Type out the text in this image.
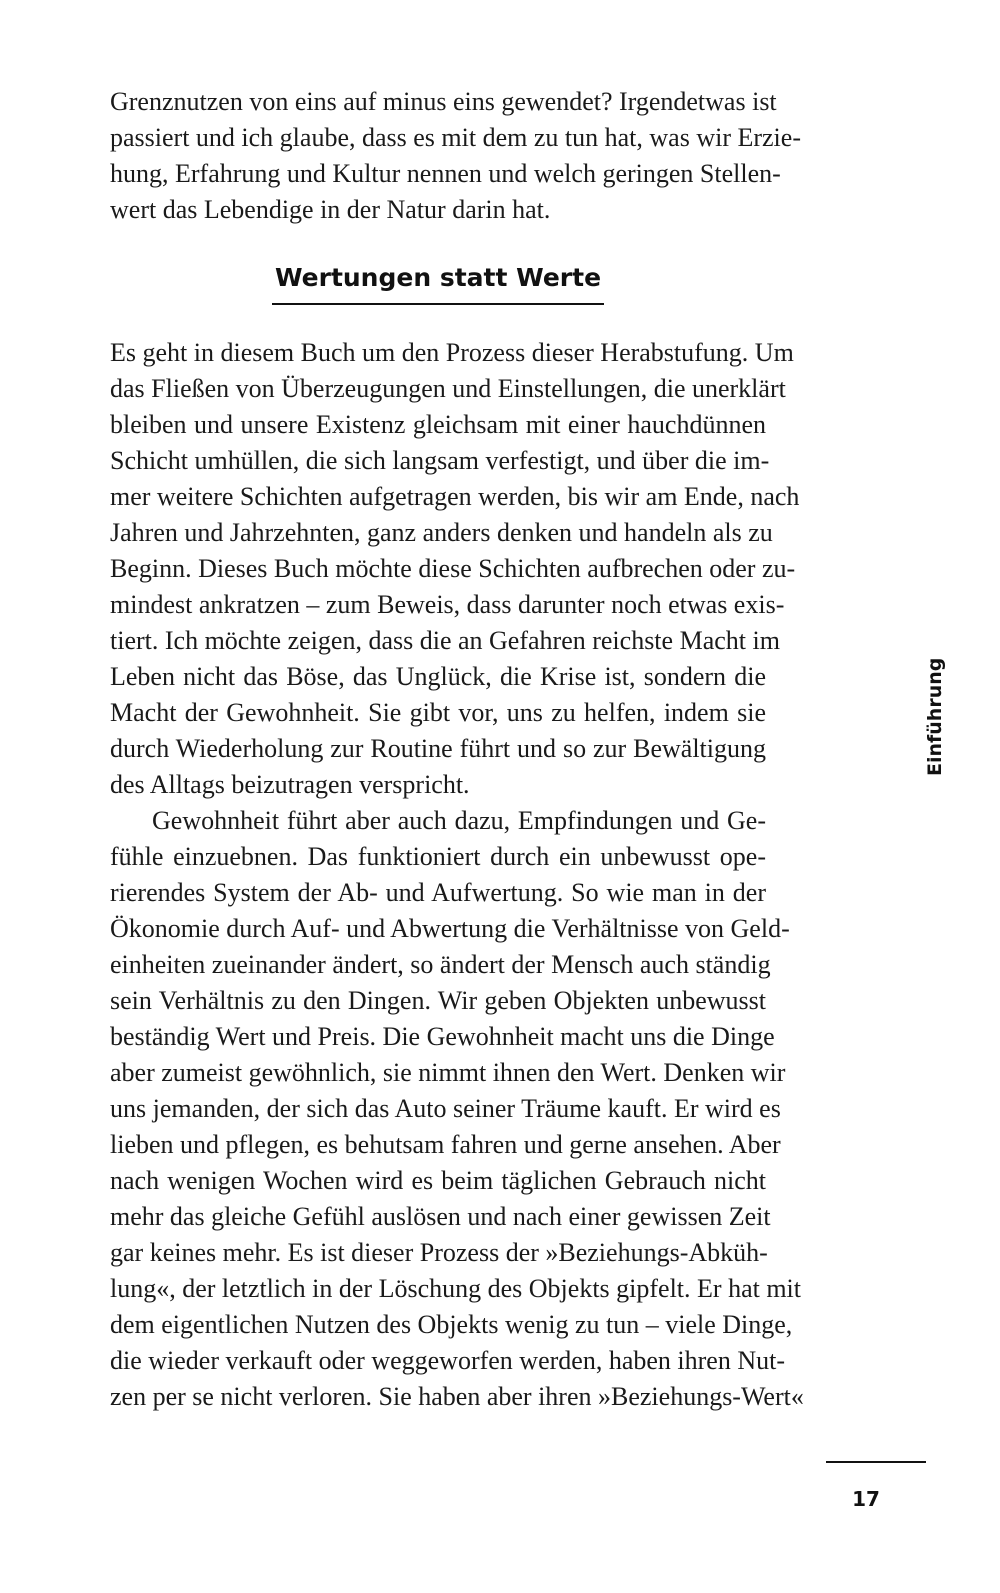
Grenznutzen von eins auf minus eins gewendet? Irgendetwas ist
passiert und ich glaube, dass es mit dem zu tun hat, was wir Erzie-
hung, Erfahrung und Kultur nennen und welch geringen Stellen-
wert das Lebendige in der Natur darin hat.
Wertungen statt Werte
Es geht in diesem Buch um den Prozess dieser Herabstufung. Um
das Fließen von Überzeugungen und Einstellungen, die unerklärt
bleiben und unsere Existenz gleichsam mit einer hauchdünnen
Schicht umhüllen, die sich langsam verfestigt, und über die im-
mer weitere Schichten aufgetragen werden, bis wir am Ende, nach
Jahren und Jahrzehnten, ganz anders denken und handeln als zu
Beginn. Dieses Buch möchte diese Schichten aufbrechen oder zu-
mindest ankratzen – zum Beweis, dass darunter noch etwas exis-
tiert. Ich möchte zeigen, dass die an Gefahren reichste Macht im
Leben nicht das Böse, das Unglück, die Krise ist, sondern die
Macht der Gewohnheit. Sie gibt vor, uns zu helfen, indem sie
durch Wiederholung zur Routine führt und so zur Bewältigung
des Alltags beizutragen verspricht.
Gewohnheit führt aber auch dazu, Empfindungen und Ge-
fühle einzuebnen. Das funktioniert durch ein unbewusst ope-
rierendes System der Ab- und Aufwertung. So wie man in der
Ökonomie durch Auf- und Abwertung die Verhältnisse von Geld-
einheiten zueinander ändert, so ändert der Mensch auch ständig
sein Verhältnis zu den Dingen. Wir geben Objekten unbewusst
beständig Wert und Preis. Die Gewohnheit macht uns die Dinge
aber zumeist gewöhnlich, sie nimmt ihnen den Wert. Denken wir
uns jemanden, der sich das Auto seiner Träume kauft. Er wird es
lieben und pflegen, es behutsam fahren und gerne ansehen. Aber
nach wenigen Wochen wird es beim täglichen Gebrauch nicht
mehr das gleiche Gefühl auslösen und nach einer gewissen Zeit
gar keines mehr. Es ist dieser Prozess der »Beziehungs-Abküh-
lung«, der letztlich in der Löschung des Objekts gipfelt. Er hat mit
dem eigentlichen Nutzen des Objekts wenig zu tun – viele Dinge,
die wieder verkauft oder weggeworfen werden, haben ihren Nut-
zen per se nicht verloren. Sie haben aber ihren »Beziehungs-Wert«
Einführung
17
